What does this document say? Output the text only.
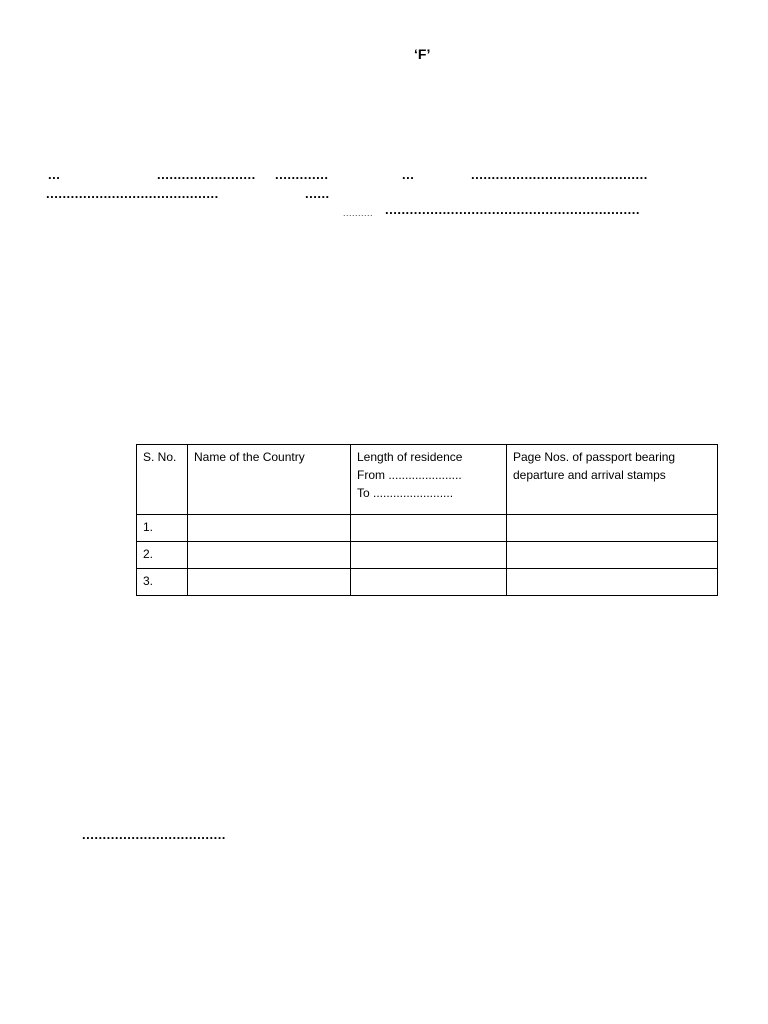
‘F’
...	........................ .............	...	...........................................
..........................................	......
.......... ..............................................................
S. No.	Name of the Country	Length of residence
From ......................
To ........................	Page Nos. of passport bearing departure and arrival stamps
1.			
2.			
3.			
...................................
